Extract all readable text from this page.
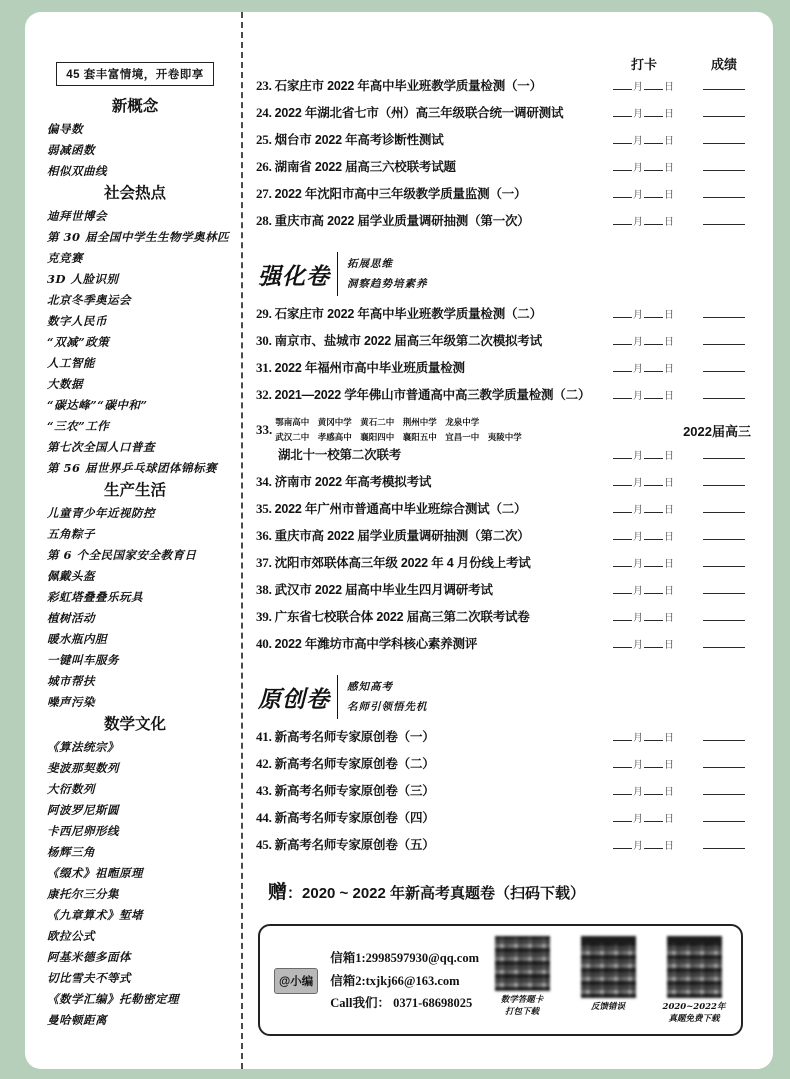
45 套丰富情境，开卷即享
新概念
偏导数
弱减函数
相似双曲线
社会热点
迪拜世博会
第 30 届全国中学生生物学奥林匹克竞赛
3D 人脸识别
北京冬季奥运会
数字人民币
“双减”政策
人工智能
大数据
“碳达峰”“碳中和”
“三农”工作
第七次全国人口普查
第 56 届世界乒乓球团体锦标赛
生产生活
儿童青少年近视防控
五角粽子
第 6 个全民国家安全教育日
佩戴头盔
彩虹塔叠叠乐玩具
植树活动
暖水瓶内胆
一键叫车服务
城市帮扶
噪声污染
数学文化
《算法统宗》
斐波那契数列
大衍数列
阿波罗尼斯圆
卡西尼卵形线
杨辉三角
《缀术》祖暅原理
康托尔三分集
《九章算术》堑堵
欧拉公式
阿基米德多面体
切比雪夫不等式
《数学汇编》托勒密定理
曼哈顿距离
打卡	成绩
23. 石家庄市 2022 年高中毕业班教学质量检测（一）	月 日
24. 2022 年湖北省七市（州）高三年级联合统一调研测试	月 日
25. 烟台市 2022 年高考诊断性测试	月 日
26. 湖南省 2022 届高三六校联考试题	月 日
27. 2022 年沈阳市高中三年级教学质量监测（一）	月 日
28. 重庆市高 2022 届学业质量调研抽测（第一次）	月 日
强化卷 拓展思维
洞察趋势培素养
29. 石家庄市 2022 年高中毕业班教学质量检测（二）	月 日
30. 南京市、盐城市 2022 届高三年级第二次模拟考试	月 日
31. 2022 年福州市高中毕业班质量检测	月 日
32. 2021—2022 学年佛山市普通高中高三教学质量检测（二）	月 日
33. 鄂南高中　黄冈中学　黄石二中　荆州中学　龙泉中学
武汉二中　孝感高中　襄阳四中　襄阳五中　宜昌一中　夷陵中学	2022届高三
湖北十一校第二次联考	月 日
34. 济南市 2022 年高考模拟考试	月 日
35. 2022 年广州市普通高中毕业班综合测试（二）	月 日
36. 重庆市高 2022 届学业质量调研抽测（第二次）	月 日
37. 沈阳市郊联体高三年级 2022 年 4 月份线上考试	月 日
38. 武汉市 2022 届高中毕业生四月调研考试	月 日
39. 广东省七校联合体 2022 届高三第二次联考试卷	月 日
40. 2022 年潍坊市高中学科核心素养测评	月 日
原创卷 感知高考
名师引领悟先机
41. 新高考名师专家原创卷（一）	月 日
42. 新高考名师专家原创卷（二）	月 日
43. 新高考名师专家原创卷（三）	月 日
44. 新高考名师专家原创卷（四）	月 日
45. 新高考名师专家原创卷（五）	月 日
赠：2020 ~ 2022 年新高考真题卷（扫码下载）
@小编
信箱1:2998597930@qq.com
信箱2:txjkj66@163.com
Call我们： 0371-68698025	数学答题卡
打包下载	反馈错误	2020~2022年
真题免费下载
